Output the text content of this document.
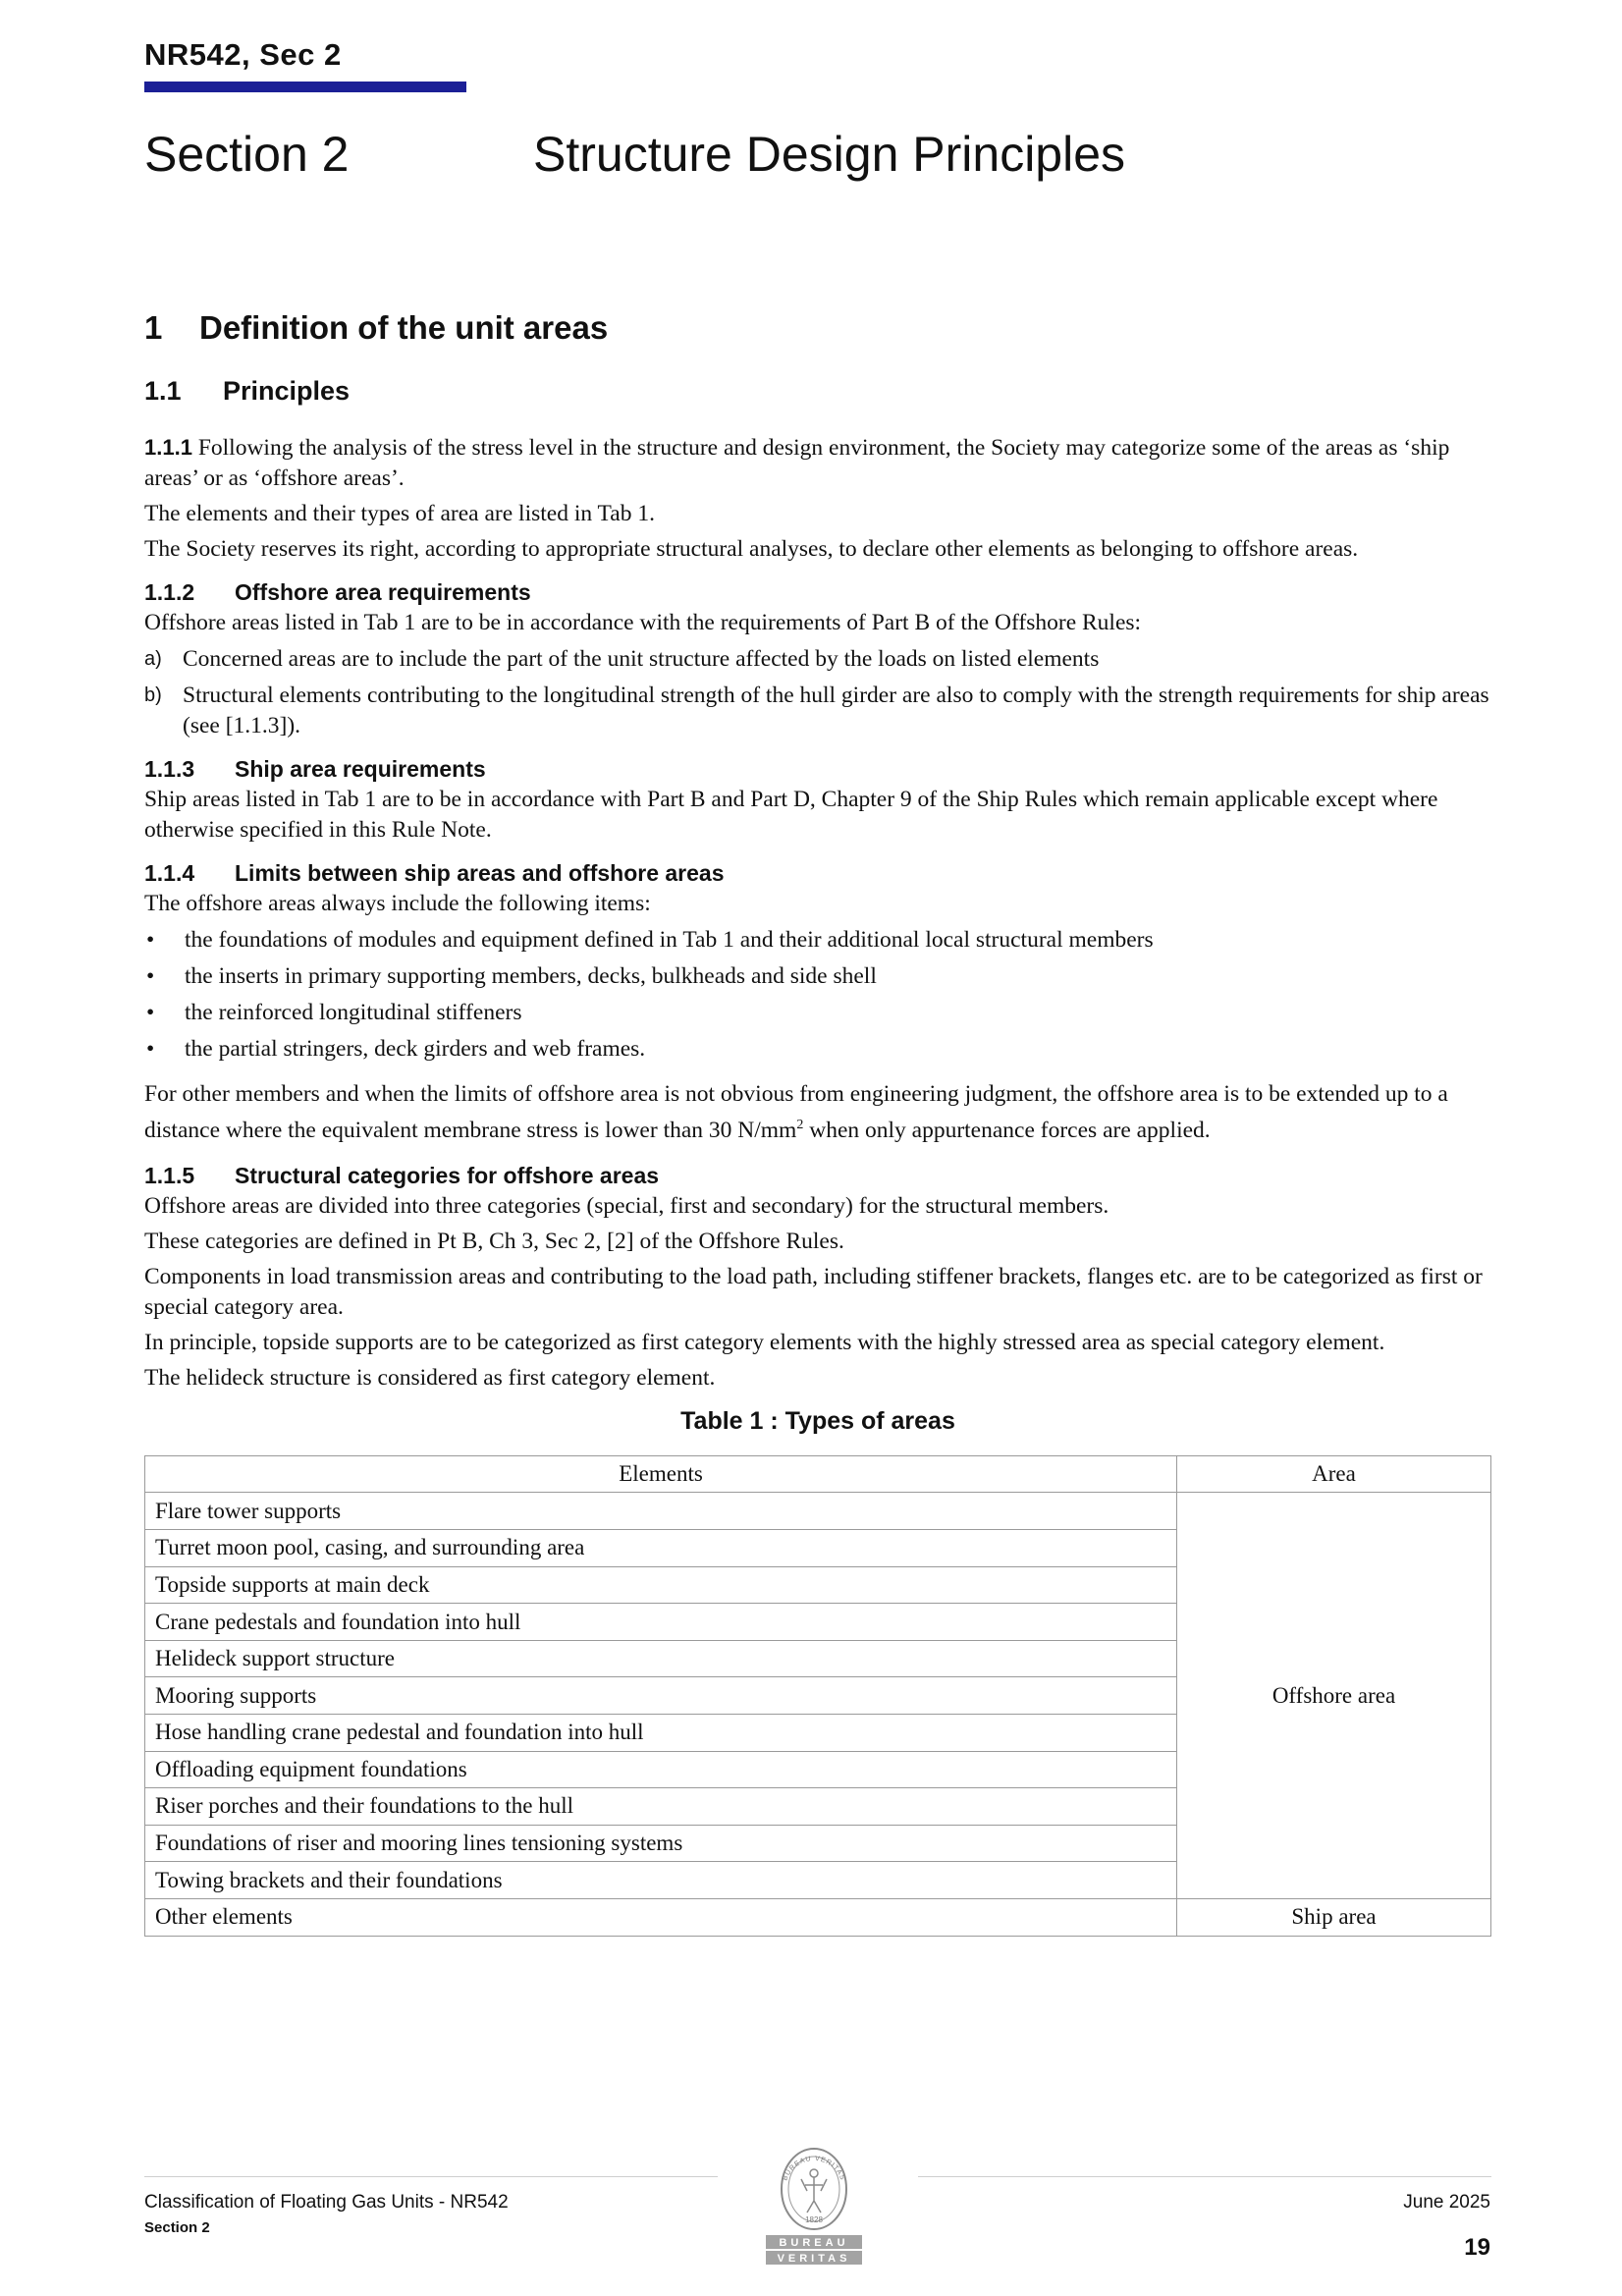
NR542, Sec 2
Section 2	Structure Design Principles
1 Definition of the unit areas
1.1 Principles

1.1.1 Following the analysis of the stress level in the structure and design environment, the Society may categorize some of the areas as ‘ship areas’ or as ‘offshore areas’.

The elements and their types of area are listed in Tab 1.

The Society reserves its right, according to appropriate structural analyses, to declare other elements as belonging to offshore areas.

1.1.2 Offshore area requirements

Offshore areas listed in Tab 1 are to be in accordance with the requirements of Part B of the Offshore Rules:

a) Concerned areas are to include the part of the unit structure affected by the loads on listed elements
b) Structural elements contributing to the longitudinal strength of the hull girder are also to comply with the strength requirements for ship areas (see [1.1.3]).
1.1.3 Ship area requirements

Ship areas listed in Tab 1 are to be in accordance with Part B and Part D, Chapter 9 of the Ship Rules which remain applicable except where otherwise specified in this Rule Note.

1.1.4 Limits between ship areas and offshore areas

The offshore areas always include the following items:

•	the foundations of modules and equipment defined in Tab 1 and their additional local structural members
•	the inserts in primary supporting members, decks, bulkheads and side shell
•	the reinforced longitudinal stiffeners
•	the partial stringers, deck girders and web frames.

For other members and when the limits of offshore area is not obvious from engineering judgment, the offshore area is to be extended up to a distance where the equivalent membrane stress is lower than 30 $N/mm^2$ when only appurtenance forces are applied.

1.1.5 Structural categories for offshore areas

Offshore areas are divided into three categories (special, first and secondary) for the structural members.

These categories are defined in Pt B, Ch 3, Sec 2, [2] of the Offshore Rules.

Components in load transmission areas and contributing to the load path, including stiffener brackets, flanges etc. are to be categorized as first or special category area.

In principle, topside supports are to be categorized as first category elements with the highly stressed area as special category element.

The helideck structure is considered as first category element.

Table 1 : Types of areas
Elements	Area
Flare tower supports	Offshore area
Turret moon pool, casing, and surrounding area	
Topside supports at main deck	
Crane pedestals and foundation into hull	
Helideck support structure	
Mooring supports	
Hose handling crane pedestal and foundation into hull	
Offloading equipment foundations	
Riser porches and their foundations to the hull	
Foundations of riser and mooring lines tensioning systems	
Towing brackets and their foundations	
Other elements	Ship area
Classification of Floating Gas Units - NR542
Section 2
June 2025
19
BUREAU VERITAS
1828
BUREAU
VERITAS
